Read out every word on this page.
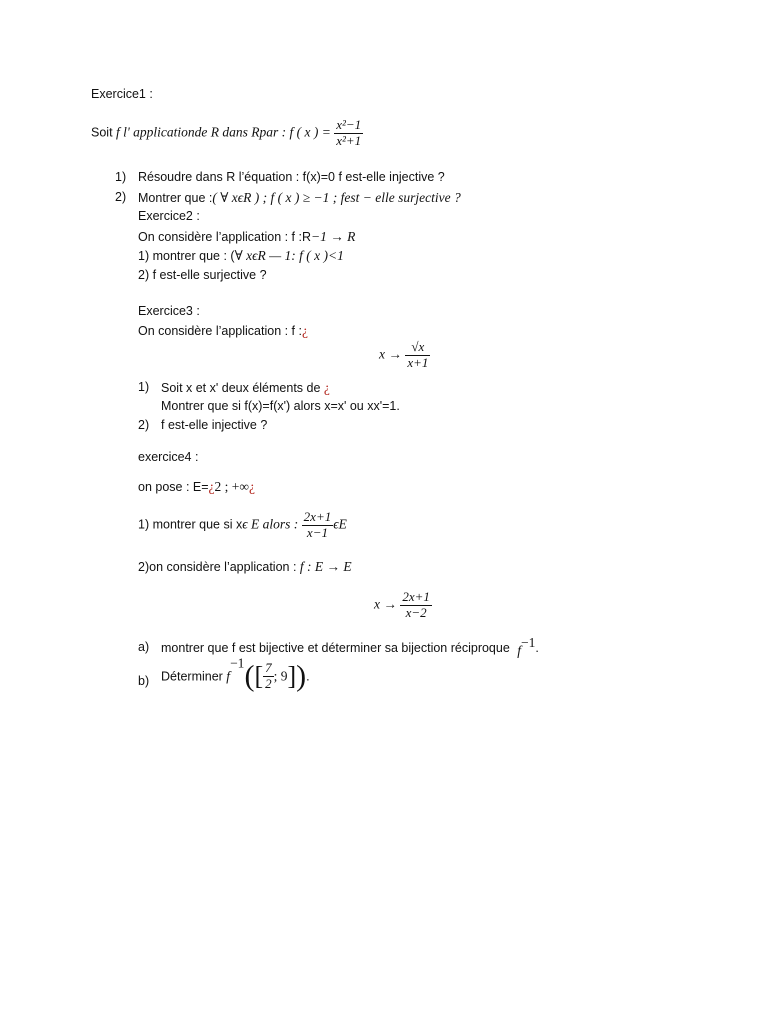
Exercice1 :
Soit f l' applicationde R dans Rpar : f ( x ) = $\frac{\text{x²−1}}{\text{x²+1}}$
1) Résoudre dans R l’équation : f(x)=0 f est-elle injective ?
2) Montrer que :( ∀ xϵR ) ; f ( x ) ≥ −1 ; fest − elle surjective ?
Exercice2 :
On considère l’application : f :R−1 → R
1) montrer que : (∀ xϵR — 1: f ( x )<1
2) f est-elle surjective ?
Exercice3 :
On considère l’application : f :¿
$x \to \frac{√x}{x+1}$
1) Soit x et x' deux éléments de ¿
Montrer que si f(x)=f(x') alors x=x' ou xx'=1.
2) f est-elle injective ?
exercice4 :
on pose : E=¿2 ; +∞¿
1) montrer que si xϵ E alors : $\frac{2x+1}{x-1}$ ϵE
2)on considère l’application : f : E → E
$x \to \frac{2x+1}{x-2}$
a) montrer que f est bijective et déterminer sa bijection réciproque $f^{-1}$.
b) Déterminer $f^{-1}([ \frac{7}{2}$ ; 9]).
